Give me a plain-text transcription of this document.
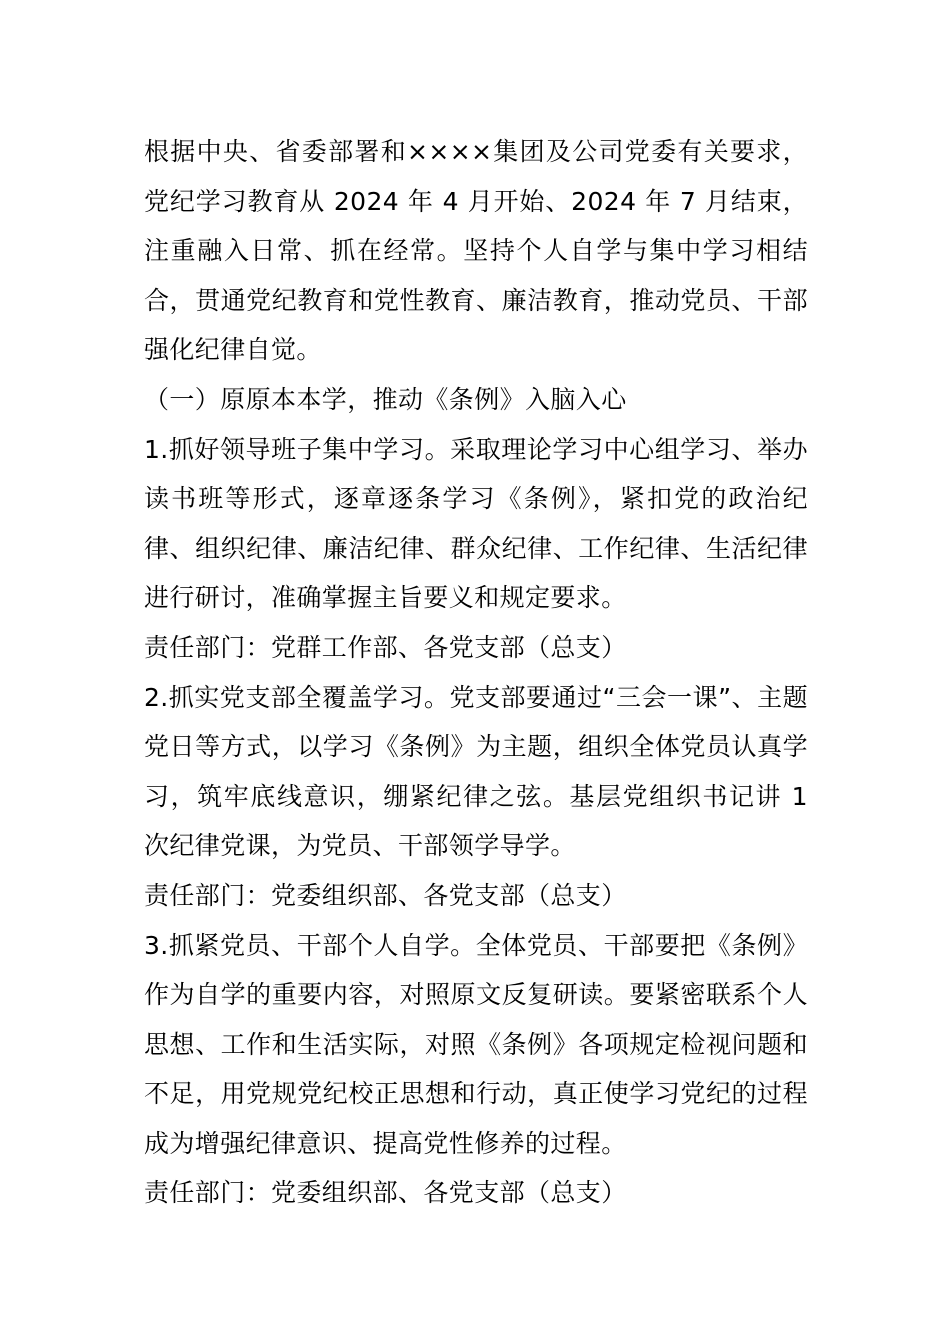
根据中央、省委部署和××××集团及公司党委有关要求，党纪学习教育从 2024 年 4 月开始、2024 年 7 月结束，注重融入日常、抓在经常。坚持个人自学与集中学习相结合，贯通党纪教育和党性教育、廉洁教育，推动党员、干部强化纪律自觉。

（一）原原本本学，推动《条例》入脑入心

1.抓好领导班子集中学习。采取理论学习中心组学习、举办读书班等形式，逐章逐条学习《条例》，紧扣党的政治纪律、组织纪律、廉洁纪律、群众纪律、工作纪律、生活纪律进行研讨，准确掌握主旨要义和规定要求。

责任部门：党群工作部、各党支部（总支）

2.抓实党支部全覆盖学习。党支部要通过“三会一课”、主题党日等方式，以学习《条例》为主题，组织全体党员认真学习，筑牢底线意识，绷紧纪律之弦。基层党组织书记讲 1 次纪律党课，为党员、干部领学导学。

责任部门：党委组织部、各党支部（总支）

3.抓紧党员、干部个人自学。全体党员、干部要把《条例》作为自学的重要内容，对照原文反复研读。要紧密联系个人思想、工作和生活实际，对照《条例》各项规定检视问题和不足，用党规党纪校正思想和行动，真正使学习党纪的过程成为增强纪律意识、提高党性修养的过程。

责任部门：党委组织部、各党支部（总支）
